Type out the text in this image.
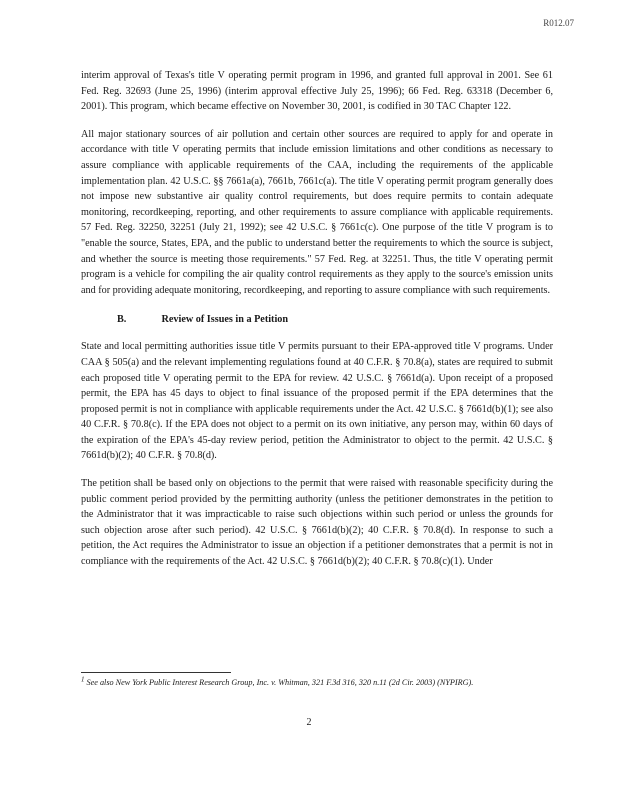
R012.07

interim approval of Texas's title V operating permit program in 1996, and granted full approval in 2001. See 61 Fed. Reg. 32693 (June 25, 1996) (interim approval effective July 25, 1996); 66 Fed. Reg. 63318 (December 6, 2001). This program, which became effective on November 30, 2001, is codified in 30 TAC Chapter 122.

All major stationary sources of air pollution and certain other sources are required to apply for and operate in accordance with title V operating permits that include emission limitations and other conditions as necessary to assure compliance with applicable requirements of the CAA, including the requirements of the applicable implementation plan. 42 U.S.C. §§ 7661a(a), 7661b, 7661c(a). The title V operating permit program generally does not impose new substantive air quality control requirements, but does require permits to contain adequate monitoring, recordkeeping, reporting, and other requirements to assure compliance with applicable requirements. 57 Fed. Reg. 32250, 32251 (July 21, 1992); see 42 U.S.C. § 7661c(c). One purpose of the title V program is to "enable the source, States, EPA, and the public to understand better the requirements to which the source is subject, and whether the source is meeting those requirements." 57 Fed. Reg. at 32251. Thus, the title V operating permit program is a vehicle for compiling the air quality control requirements as they apply to the source's emission units and for providing adequate monitoring, recordkeeping, and reporting to assure compliance with such requirements.

B.	Review of Issues in a Petition

State and local permitting authorities issue title V permits pursuant to their EPA-approved title V programs. Under CAA § 505(a) and the relevant implementing regulations found at 40 C.F.R. § 70.8(a), states are required to submit each proposed title V operating permit to the EPA for review. 42 U.S.C. § 7661d(a). Upon receipt of a proposed permit, the EPA has 45 days to object to final issuance of the proposed permit if the EPA determines that the proposed permit is not in compliance with applicable requirements under the Act. 42 U.S.C. § 7661d(b)(1); see also 40 C.F.R. § 70.8(c). If the EPA does not object to a permit on its own initiative, any person may, within 60 days of the expiration of the EPA's 45-day review period, petition the Administrator to object to the permit. 42 U.S.C. § 7661d(b)(2); 40 C.F.R. § 70.8(d).

The petition shall be based only on objections to the permit that were raised with reasonable specificity during the public comment period provided by the permitting authority (unless the petitioner demonstrates in the petition to the Administrator that it was impracticable to raise such objections within such period or unless the grounds for such objection arose after such period). 42 U.S.C. § 7661d(b)(2); 40 C.F.R. § 70.8(d). In response to such a petition, the Act requires the Administrator to issue an objection if a petitioner demonstrates that a permit is not in compliance with the requirements of the Act. 42 U.S.C. § 7661d(b)(2); 40 C.F.R. § 70.8(c)(1). Under

1 See also New York Public Interest Research Group, Inc. v. Whitman, 321 F.3d 316, 320 n.11 (2d Cir. 2003) (NYPIRG).
2
